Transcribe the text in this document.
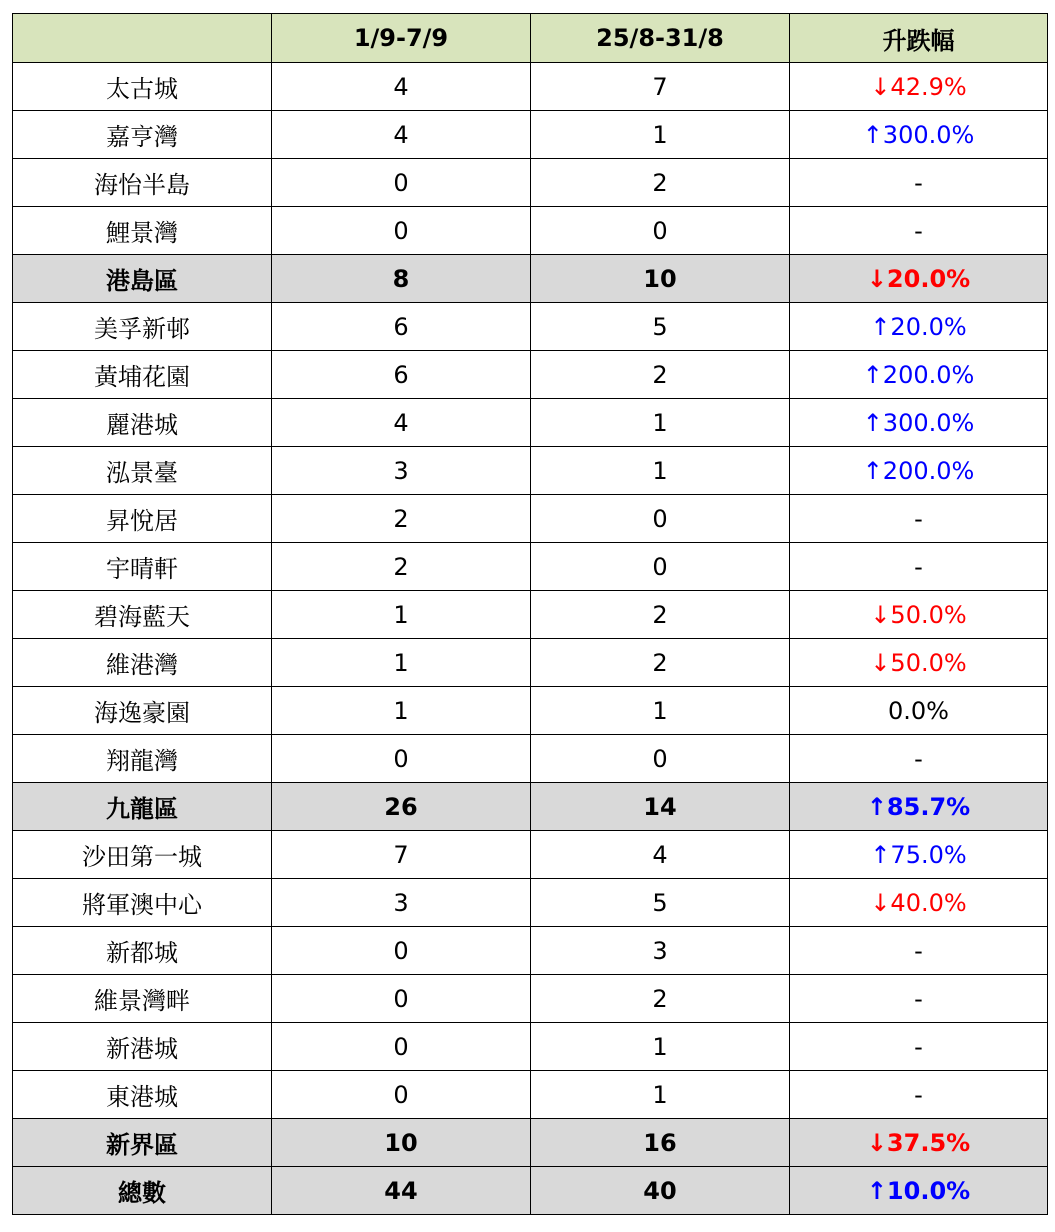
	1/9-7/9	25/8-31/8	升跌幅
太古城	4	7	↓42.9%
嘉亨灣	4	1	↑300.0%
海怡半島	0	2	-
鯉景灣	0	0	-
港島區	8	10	↓20.0%
美孚新邨	6	5	↑20.0%
黃埔花園	6	2	↑200.0%
麗港城	4	1	↑300.0%
泓景臺	3	1	↑200.0%
昇悅居	2	0	-
宇晴軒	2	0	-
碧海藍天	1	2	↓50.0%
維港灣	1	2	↓50.0%
海逸豪園	1	1	0.0%
翔龍灣	0	0	-
九龍區	26	14	↑85.7%
沙田第一城	7	4	↑75.0%
將軍澳中心	3	5	↓40.0%
新都城	0	3	-
維景灣畔	0	2	-
新港城	0	1	-
東港城	0	1	-
新界區	10	16	↓37.5%
總數	44	40	↑10.0%
